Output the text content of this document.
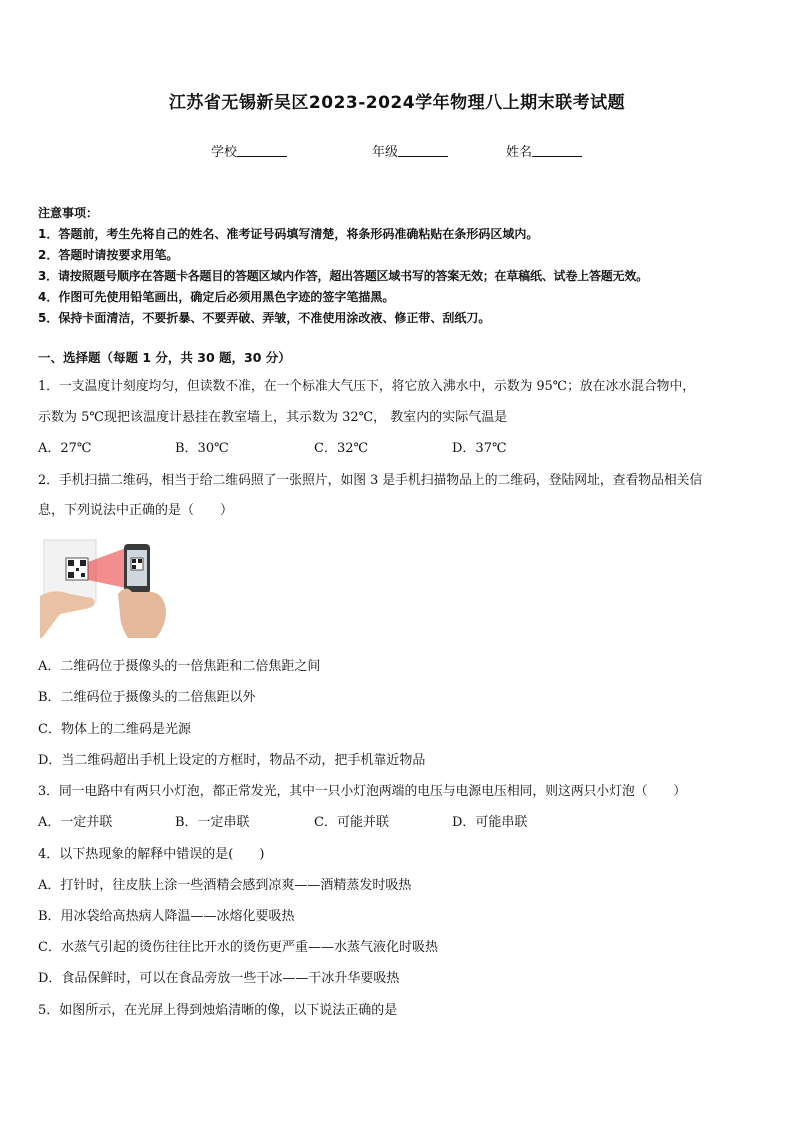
江苏省无锡新吴区2023-2024学年物理八上期末联考试题
学校	年级	姓名
注意事项：
1．答题前，考生先将自己的姓名、准考证号码填写清楚，将条形码准确粘贴在条形码区域内。
2．答题时请按要求用笔。
3．请按照题号顺序在答题卡各题目的答题区域内作答，超出答题区域书写的答案无效；在草稿纸、试卷上答题无效。
4．作图可先使用铅笔画出，确定后必须用黑色字迹的签字笔描黑。
5．保持卡面清洁，不要折暴、不要弄破、弄皱，不准使用涂改液、修正带、刮纸刀。
一、选择题（每题 1 分，共 30 题，30 分）
1．一支温度计刻度均匀，但读数不准，在一个标准大气压下，将它放入沸水中，示数为 95℃；放在冰水混合物中，
示数为 5℃现把该温度计悬挂在教室墙上，其示数为 32℃， 教室内的实际气温是
A．27℃	B．30℃	C．32℃	D．37℃
2．手机扫描二维码，相当于给二维码照了一张照片，如图 3 是手机扫描物品上的二维码，登陆网址，查看物品相关信
息，下列说法中正确的是（　　）
A．二维码位于摄像头的一倍焦距和二倍焦距之间
B．二维码位于摄像头的二倍焦距以外
C．物体上的二维码是光源
D．当二维码超出手机上设定的方框时，物品不动，把手机靠近物品
3．同一电路中有两只小灯泡，都正常发光，其中一只小灯泡两端的电压与电源电压相同，则这两只小灯泡（　　）
A．一定并联	B．一定串联	C．可能并联	D．可能串联
4．以下热现象的解释中错误的是(　　)
A．打针时，往皮肤上涂一些酒精会感到凉爽——酒精蒸发时吸热
B．用冰袋给高热病人降温——冰熔化要吸热
C．水蒸气引起的烫伤往往比开水的烫伤更严重——水蒸气液化时吸热
D．食品保鲜时，可以在食品旁放一些干冰——干冰升华要吸热
5．如图所示，在光屏上得到烛焰清晰的像，以下说法正确的是
